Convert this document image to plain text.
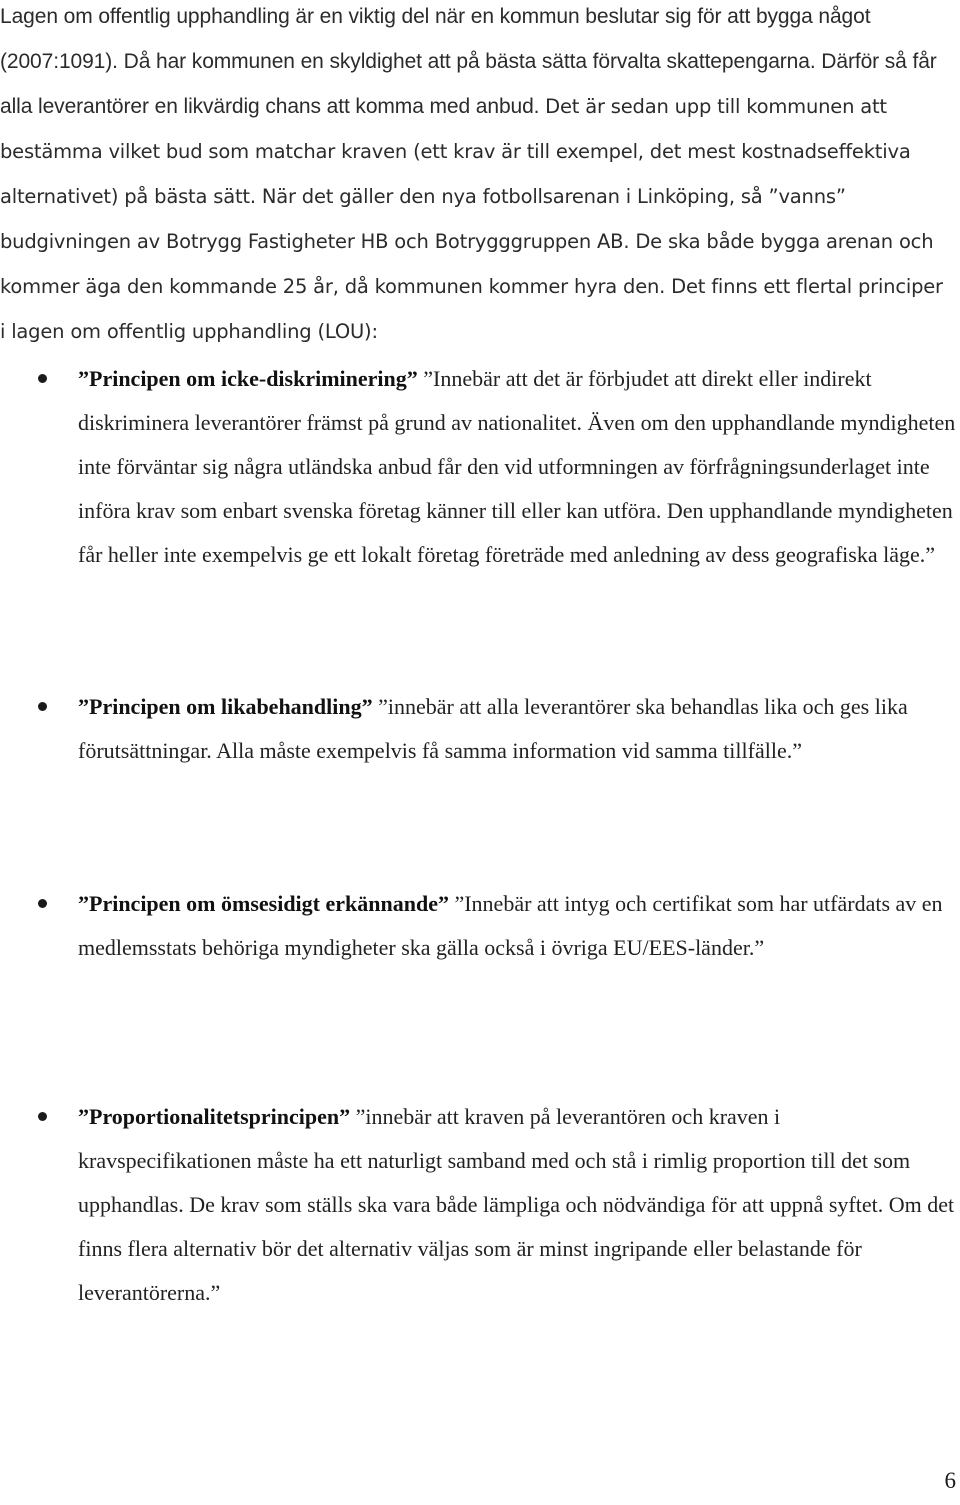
Lagen om offentlig upphandling är en viktig del när en kommun beslutar sig för att bygga något (2007:1091). Då har kommunen en skyldighet att på bästa sätta förvalta skattepengarna. Därför så får alla leverantörer en likvärdig chans att komma med anbud. Det är sedan upp till kommunen att bestämma vilket bud som matchar kraven (ett krav är till exempel, det mest kostnadseffektiva alternativet) på bästa sätt. När det gäller den nya fotbollsarenan i Linköping, så ”vanns” budgivningen av Botrygg Fastigheter HB och Botrygggruppen AB. De ska både bygga arenan och kommer äga den kommande 25 år, då kommunen kommer hyra den. Det finns ett flertal principer i lagen om offentlig upphandling (LOU):

”Principen om icke-diskriminering” ”Innebär att det är förbjudet att direkt eller indirekt diskriminera leverantörer främst på grund av nationalitet. Även om den upphandlande myndigheten inte förväntar sig några utländska anbud får den vid utformningen av förfrågningsunderlaget inte införa krav som enbart svenska företag känner till eller kan utföra. Den upphandlande myndigheten får heller inte exempelvis ge ett lokalt företag företräde med anledning av dess geografiska läge.”

”Principen om likabehandling” ”innebär att alla leverantörer ska behandlas lika och ges lika förutsättningar. Alla måste exempelvis få samma information vid samma tillfälle.”

”Principen om ömsesidigt erkännande” ”Innebär att intyg och certifikat som har utfärdats av en medlemsstats behöriga myndigheter ska gälla också i övriga EU/EES-länder.”

”Proportionalitetsprincipen” ”innebär att kraven på leverantören och kraven i kravspecifikationen måste ha ett naturligt samband med och stå i rimlig proportion till det som upphandlas. De krav som ställs ska vara både lämpliga och nödvändiga för att uppnå syftet. Om det finns flera alternativ bör det alternativ väljas som är minst ingripande eller belastande för leverantörerna.”

6
